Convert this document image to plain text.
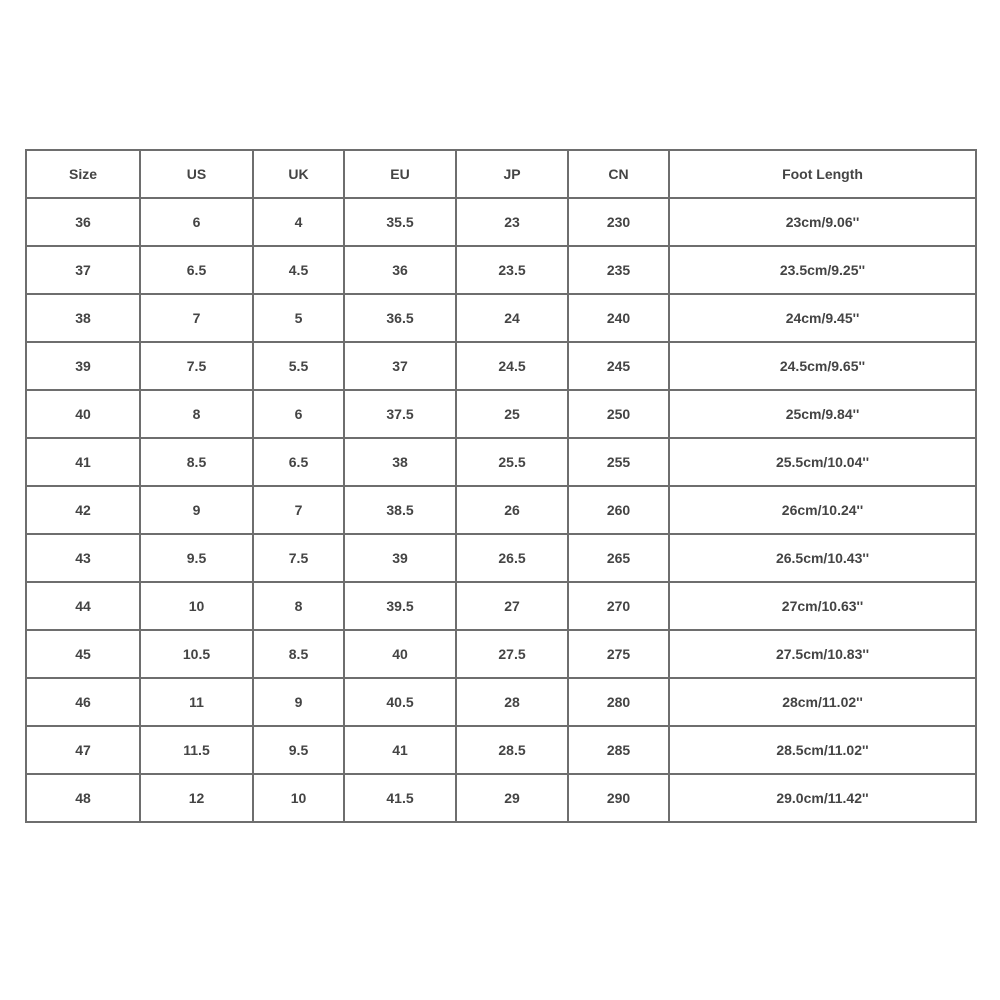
Size	US	UK	EU	JP	CN	Foot Length
36	6	4	35.5	23	230	23cm/9.06''
37	6.5	4.5	36	23.5	235	23.5cm/9.25''
38	7	5	36.5	24	240	24cm/9.45''
39	7.5	5.5	37	24.5	245	24.5cm/9.65''
40	8	6	37.5	25	250	25cm/9.84''
41	8.5	6.5	38	25.5	255	25.5cm/10.04''
42	9	7	38.5	26	260	26cm/10.24''
43	9.5	7.5	39	26.5	265	26.5cm/10.43''
44	10	8	39.5	27	270	27cm/10.63''
45	10.5	8.5	40	27.5	275	27.5cm/10.83''
46	11	9	40.5	28	280	28cm/11.02''
47	11.5	9.5	41	28.5	285	28.5cm/11.02''
48	12	10	41.5	29	290	29.0cm/11.42''
